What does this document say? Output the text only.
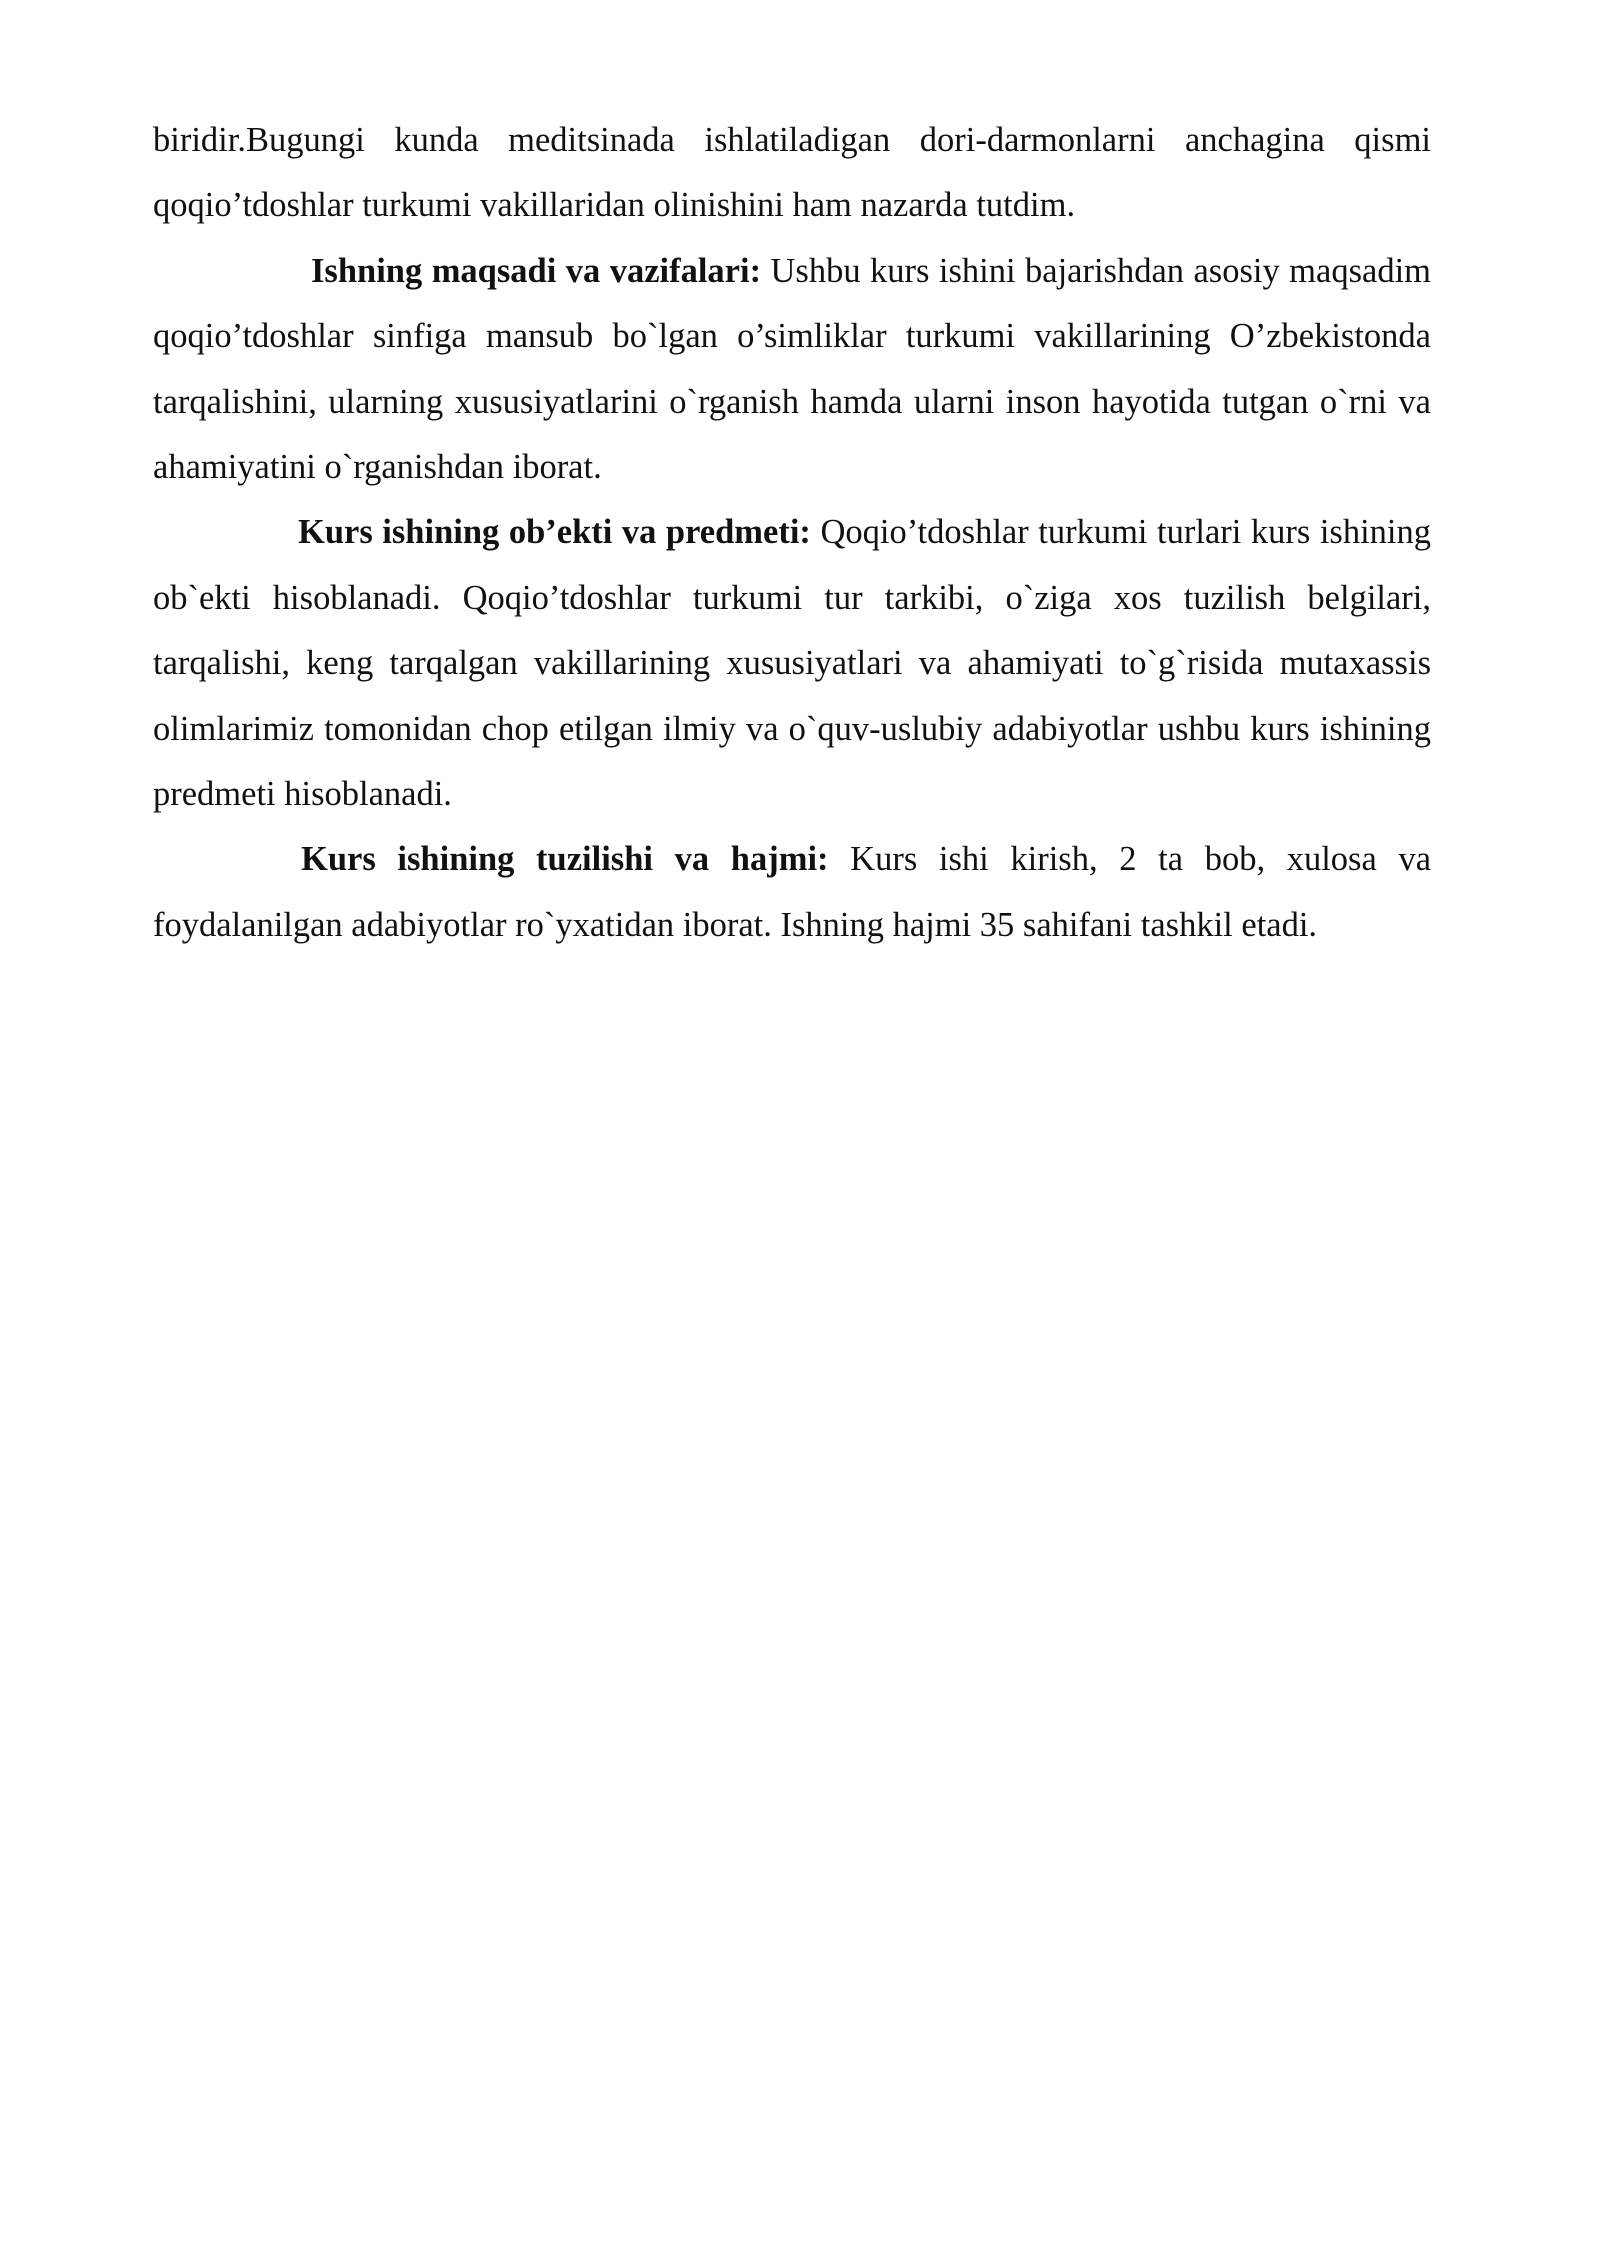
biridir.Bugungi kunda meditsinada ishlatiladigan dori-darmonlarni anchagina qismi qoqio’tdoshlar turkumi vakillaridan olinishini ham nazarda tutdim.

Ishning maqsadi va vazifalari: Ushbu kurs ishini bajarishdan asosiy maqsadim qoqio’tdoshlar sinfiga mansub bo`lgan o’simliklar turkumi vakillarining O’zbekistonda tarqalishini, ularning xususiyatlarini o`rganish hamda ularni inson hayotida tutgan o`rni va ahamiyatini o`rganishdan iborat.

Kurs ishining ob’ekti va predmeti: Qoqio’tdoshlar turkumi turlari kurs ishining ob`ekti hisoblanadi. Qoqio’tdoshlar turkumi tur tarkibi, o`ziga xos tuzilish belgilari, tarqalishi, keng tarqalgan vakillarining xususiyatlari va ahamiyati to`g`risida mutaxassis olimlarimiz tomonidan chop etilgan ilmiy va o`quv-uslubiy adabiyotlar ushbu kurs ishining predmeti hisoblanadi.

Kurs ishining tuzilishi va hajmi: Kurs ishi kirish, 2 ta bob, xulosa va foydalanilgan adabiyotlar ro`yxatidan iborat. Ishning hajmi 35 sahifani tashkil etadi.
